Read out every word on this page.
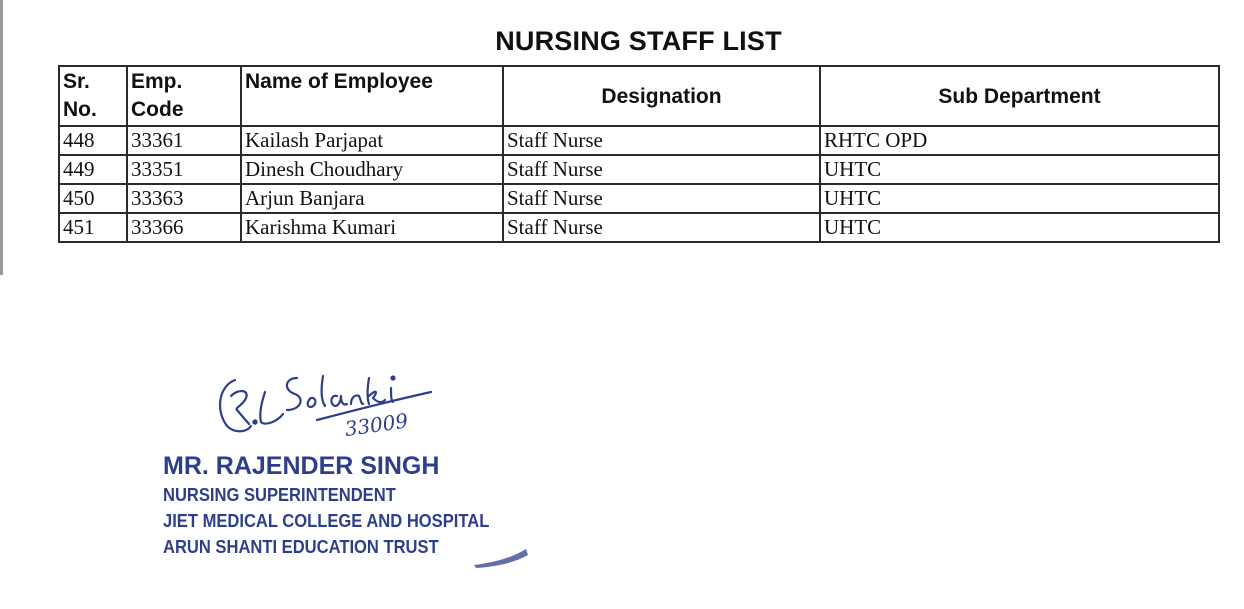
NURSING STAFF LIST
Sr. No.	Emp. Code	Name of Employee	Designation	Sub Department
448	33361	Kailash Parjapat	Staff Nurse	RHTC OPD
449	33351	Dinesh Choudhary	Staff Nurse	UHTC
450	33363	Arjun Banjara	Staff Nurse	UHTC
451	33366	Karishma Kumari	Staff Nurse	UHTC
33009
MR. RAJENDER SINGH
NURSING SUPERINTENDENT
JIET MEDICAL COLLEGE AND HOSPITAL
ARUN SHANTI EDUCATION TRUST
